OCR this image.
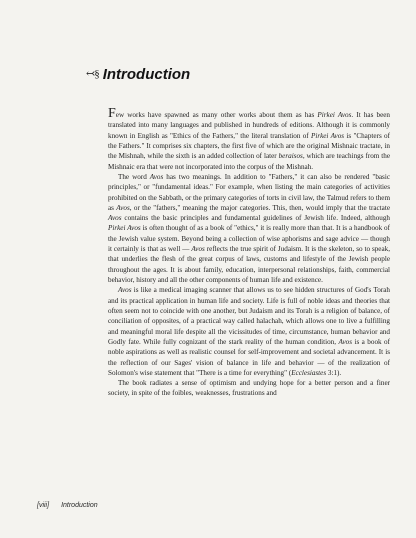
↢§ Introduction

Few works have spawned as many other works about them as has Pirkei Avos. It has been translated into many languages and published in hundreds of editions. Although it is commonly known in English as "Ethics of the Fathers," the literal translation of Pirkei Avos is "Chapters of the Fathers." It comprises six chapters, the first five of which are the original Mishnaic tractate, in the Mishnah, while the sixth is an added collection of later beraisos, which are teachings from the Mishnaic era that were not incorporated into the corpus of the Mishnah.

The word Avos has two meanings. In addition to "Fathers," it can also be rendered "basic principles," or "fundamental ideas." For example, when listing the main categories of activities prohibited on the Sabbath, or the primary categories of torts in civil law, the Talmud refers to them as Avos, or the "fathers," meaning the major categories. This, then, would imply that the tractate Avos contains the basic principles and fundamental guidelines of Jewish life. Indeed, although Pirkei Avos is often thought of as a book of "ethics," it is really more than that. It is a handbook of the Jewish value system. Beyond being a collection of wise aphorisms and sage advice — though it certainly is that as well — Avos reflects the true spirit of Judaism. It is the skeleton, so to speak, that underlies the flesh of the great corpus of laws, customs and lifestyle of the Jewish people throughout the ages. It is about family, education, interpersonal relationships, faith, commercial behavior, history and all the other components of human life and existence.

Avos is like a medical imaging scanner that allows us to see hidden structures of God's Torah and its practical application in human life and society. Life is full of noble ideas and theories that often seem not to coincide with one another, but Judaism and its Torah is a religion of balance, of conciliation of opposites, of a practical way called halachah, which allows one to live a fulfilling and meaningful moral life despite all the vicissitudes of time, circumstance, human behavior and Godly fate. While fully cognizant of the stark reality of the human condition, Avos is a book of noble aspirations as well as realistic counsel for self-improvement and societal advancement. It is the reflection of our Sages' vision of balance in life and behavior — of the realization of Solomon's wise statement that "There is a time for everything" (Ecclesiastes 3:1).

The book radiates a sense of optimism and undying hope for a better person and a finer society, in spite of the foibles, weaknesses, frustrations and

[viii] Introduction
